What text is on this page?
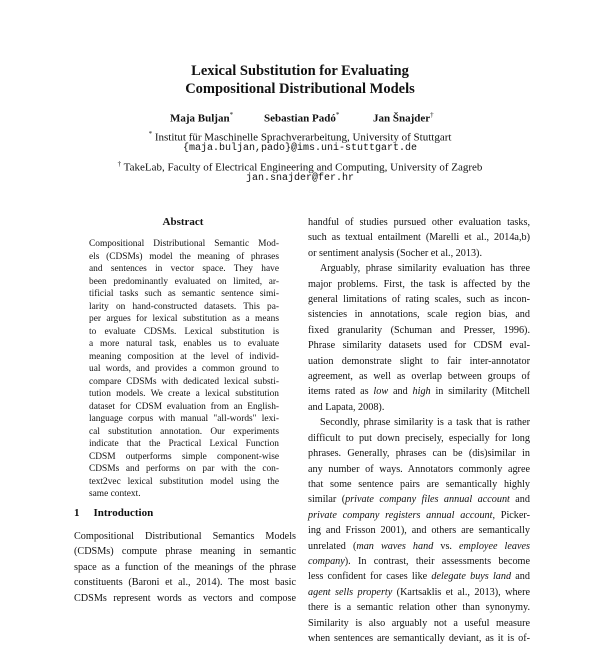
Lexical Substitution for Evaluating
Compositional Distributional Models
Maja Buljan*	Sebastian Padó*	Jan Šnajder†
* Institut für Maschinelle Sprachverarbeitung, University of Stuttgart
{maja.buljan,pado}@ims.uni-stuttgart.de
† TakeLab, Faculty of Electrical Engineering and Computing, University of Zagreb
jan.snajder@fer.hr
Abstract
Compositional Distributional Semantic Mod-
els (CDSMs) model the meaning of phrases
and sentences in vector space. They have
been predominantly evaluated on limited, ar-
tificial tasks such as semantic sentence simi-
larity on hand-constructed datasets. This pa-
per argues for lexical substitution as a means
to evaluate CDSMs. Lexical substitution is
a more natural task, enables us to evaluate
meaning composition at the level of individ-
ual words, and provides a common ground to
compare CDSMs with dedicated lexical substi-
tution models. We create a lexical substitution
dataset for CDSM evaluation from an English-
language corpus with manual "all-words" lexi-
cal substitution annotation. Our experiments
indicate that the Practical Lexical Function
CDSM outperforms simple component-wise
CDSMs and performs on par with the con-
text2vec lexical substitution model using the
same context.
1 Introduction
Compositional Distributional Semantics Models
(CDSMs) compute phrase meaning in semantic
space as a function of the meanings of the phrase
constituents (Baroni et al., 2014). The most basic
CDSMs represent words as vectors and compose
handful of studies pursued other evaluation tasks,
such as textual entailment (Marelli et al., 2014a,b)
or sentiment analysis (Socher et al., 2013).
Arguably, phrase similarity evaluation has three
major problems. First, the task is affected by the
general limitations of rating scales, such as incon-
sistencies in annotations, scale region bias, and
fixed granularity (Schuman and Presser, 1996).
Phrase similarity datasets used for CDSM eval-
uation demonstrate slight to fair inter-annotator
agreement, as well as overlap between groups of
items rated as low and high in similarity (Mitchell
and Lapata, 2008).
Secondly, phrase similarity is a task that is rather
difficult to put down precisely, especially for long
phrases. Generally, phrases can be (dis)similar in
any number of ways. Annotators commonly agree
that some sentence pairs are semantically highly
similar (private company files annual account and
private company registers annual account, Picker-
ing and Frisson 2001), and others are semantically
unrelated (man waves hand vs. employee leaves
company). In contrast, their assessments become
less confident for cases like delegate buys land and
agent sells property (Kartsaklis et al., 2013), where
there is a semantic relation other than synonymy.
Similarity is also arguably not a useful measure
when sentences are semantically deviant, as it is of-
